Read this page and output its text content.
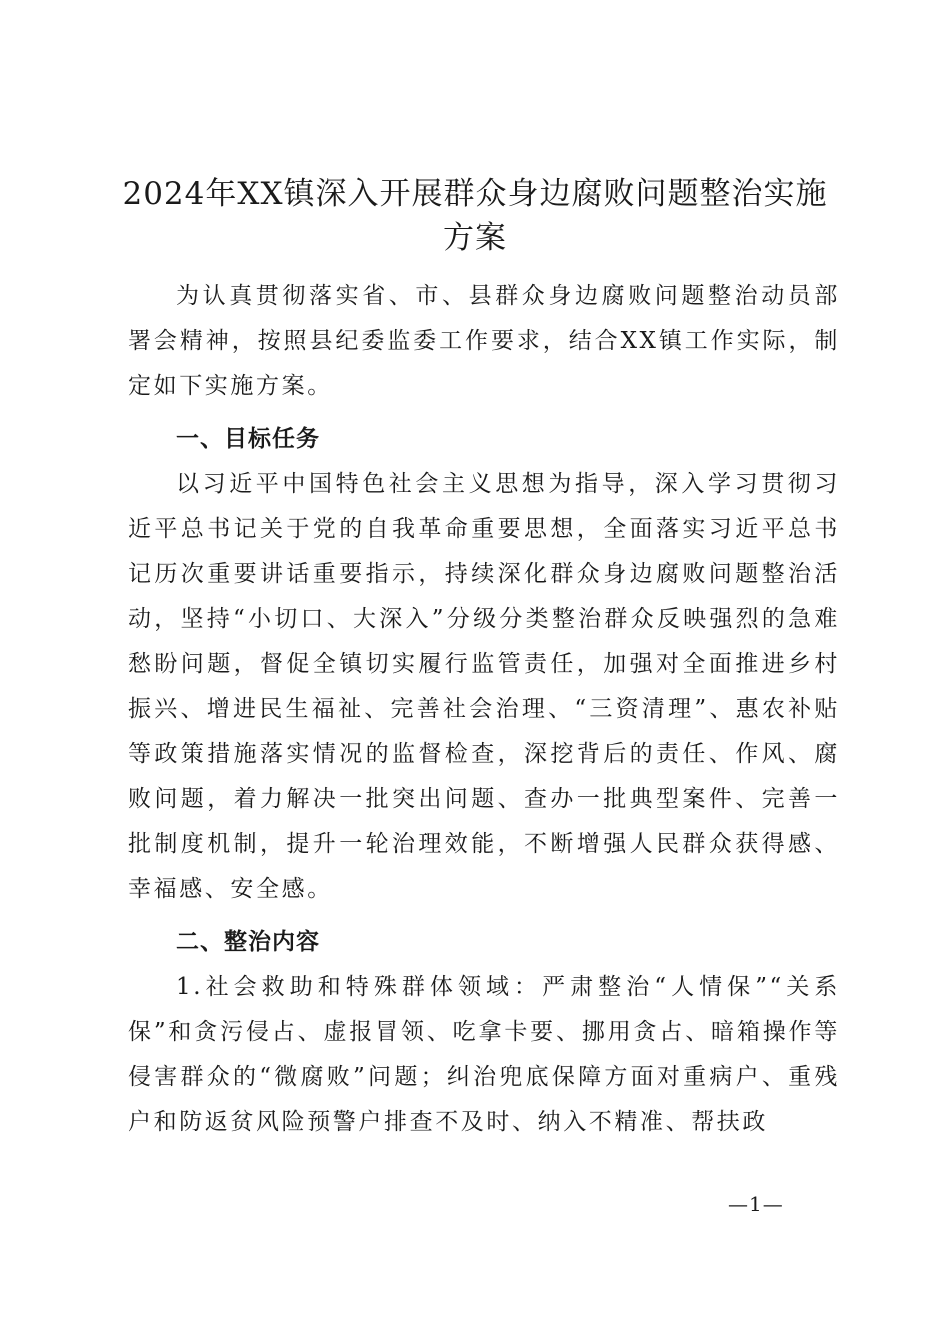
2024年XX镇深入开展群众身边腐败问题整治实施方案

为认真贯彻落实省、市、县群众身边腐败问题整治动员部署会精神，按照县纪委监委工作要求，结合XX镇工作实际，制定如下实施方案。

一、目标任务

以习近平中国特色社会主义思想为指导，深入学习贯彻习近平总书记关于党的自我革命重要思想，全面落实习近平总书记历次重要讲话重要指示，持续深化群众身边腐败问题整治活动，坚持“小切口、大深入”分级分类整治群众反映强烈的急难愁盼问题，督促全镇切实履行监管责任，加强对全面推进乡村振兴、增进民生福祉、完善社会治理、“三资清理”、惠农补贴等政策措施落实情况的监督检查，深挖背后的责任、作风、腐败问题，着力解决一批突出问题、查办一批典型案件、完善一批制度机制，提升一轮治理效能，不断增强人民群众获得感、幸福感、安全感。

二、整治内容

1.社会救助和特殊群体领域：严肃整治“人情保”“关系保”和贪污侵占、虚报冒领、吃拿卡要、挪用贪占、暗箱操作等侵害群众的“微腐败”问题；纠治兜底保障方面对重病户、重残户和防返贫风险预警户排查不及时、纳入不精准、帮扶政

—1—
